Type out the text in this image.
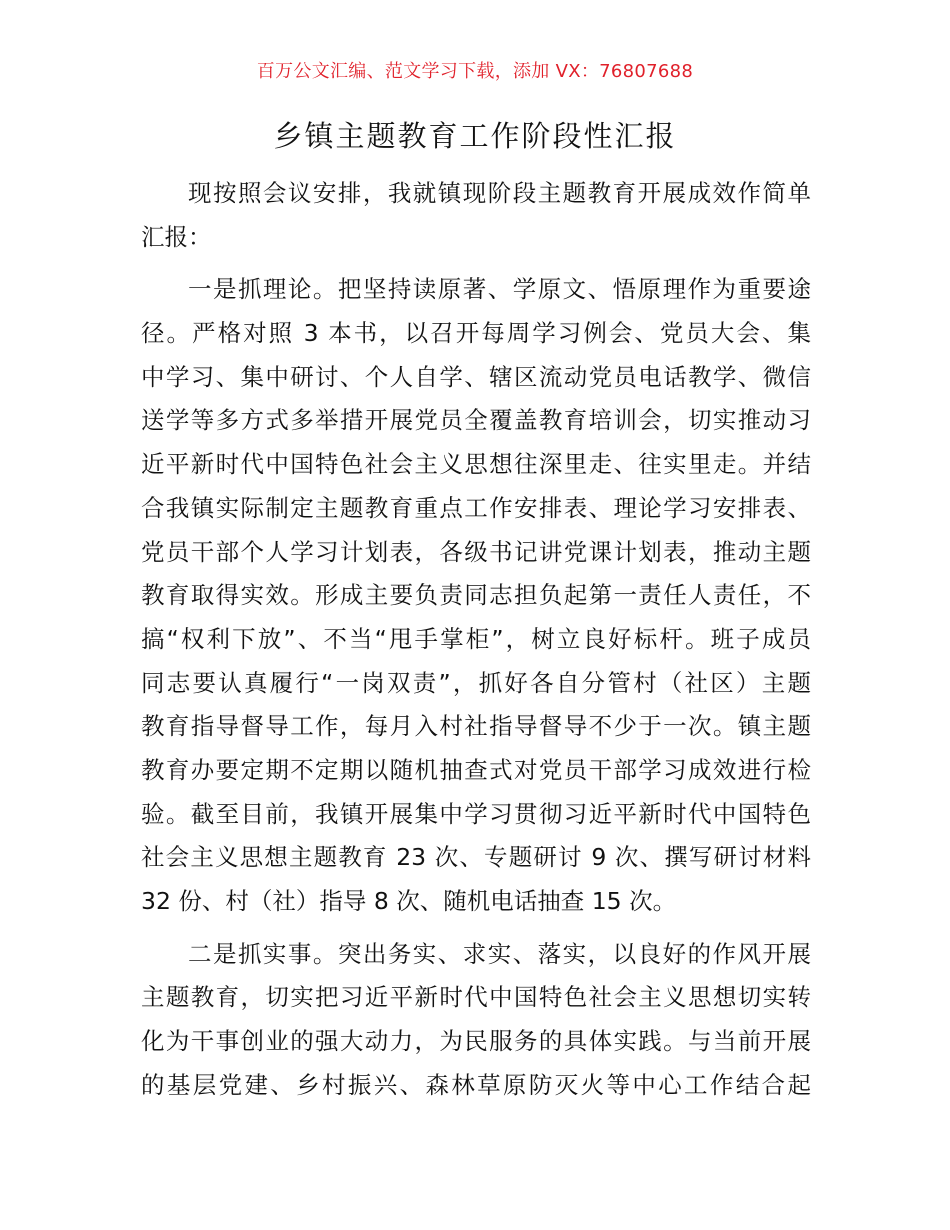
百万公文汇编、范文学习下载，添加 VX：76807688
乡镇主题教育工作阶段性汇报
现按照会议安排，我就镇现阶段主题教育开展成效作简单
汇报：
一是抓理论。把坚持读原著、学原文、悟原理作为重要途
径。严格对照 3 本书，以召开每周学习例会、党员大会、集
中学习、集中研讨、个人自学、辖区流动党员电话教学、微信
送学等多方式多举措开展党员全覆盖教育培训会，切实推动习
近平新时代中国特色社会主义思想往深里走、往实里走。并结
合我镇实际制定主题教育重点工作安排表、理论学习安排表、
党员干部个人学习计划表，各级书记讲党课计划表，推动主题
教育取得实效。形成主要负责同志担负起第一责任人责任，不
搞“权利下放”、不当“甩手掌柜”，树立良好标杆。班子成员
同志要认真履行“一岗双责”，抓好各自分管村（社区）主题
教育指导督导工作，每月入村社指导督导不少于一次。镇主题
教育办要定期不定期以随机抽查式对党员干部学习成效进行检
验。截至目前，我镇开展集中学习贯彻习近平新时代中国特色
社会主义思想主题教育 23 次、专题研讨 9 次、撰写研讨材料
32 份、村（社）指导 8 次、随机电话抽查 15 次。
二是抓实事。突出务实、求实、落实，以良好的作风开展
主题教育，切实把习近平新时代中国特色社会主义思想切实转
化为干事创业的强大动力，为民服务的具体实践。与当前开展
的基层党建、乡村振兴、森林草原防灭火等中心工作结合起
